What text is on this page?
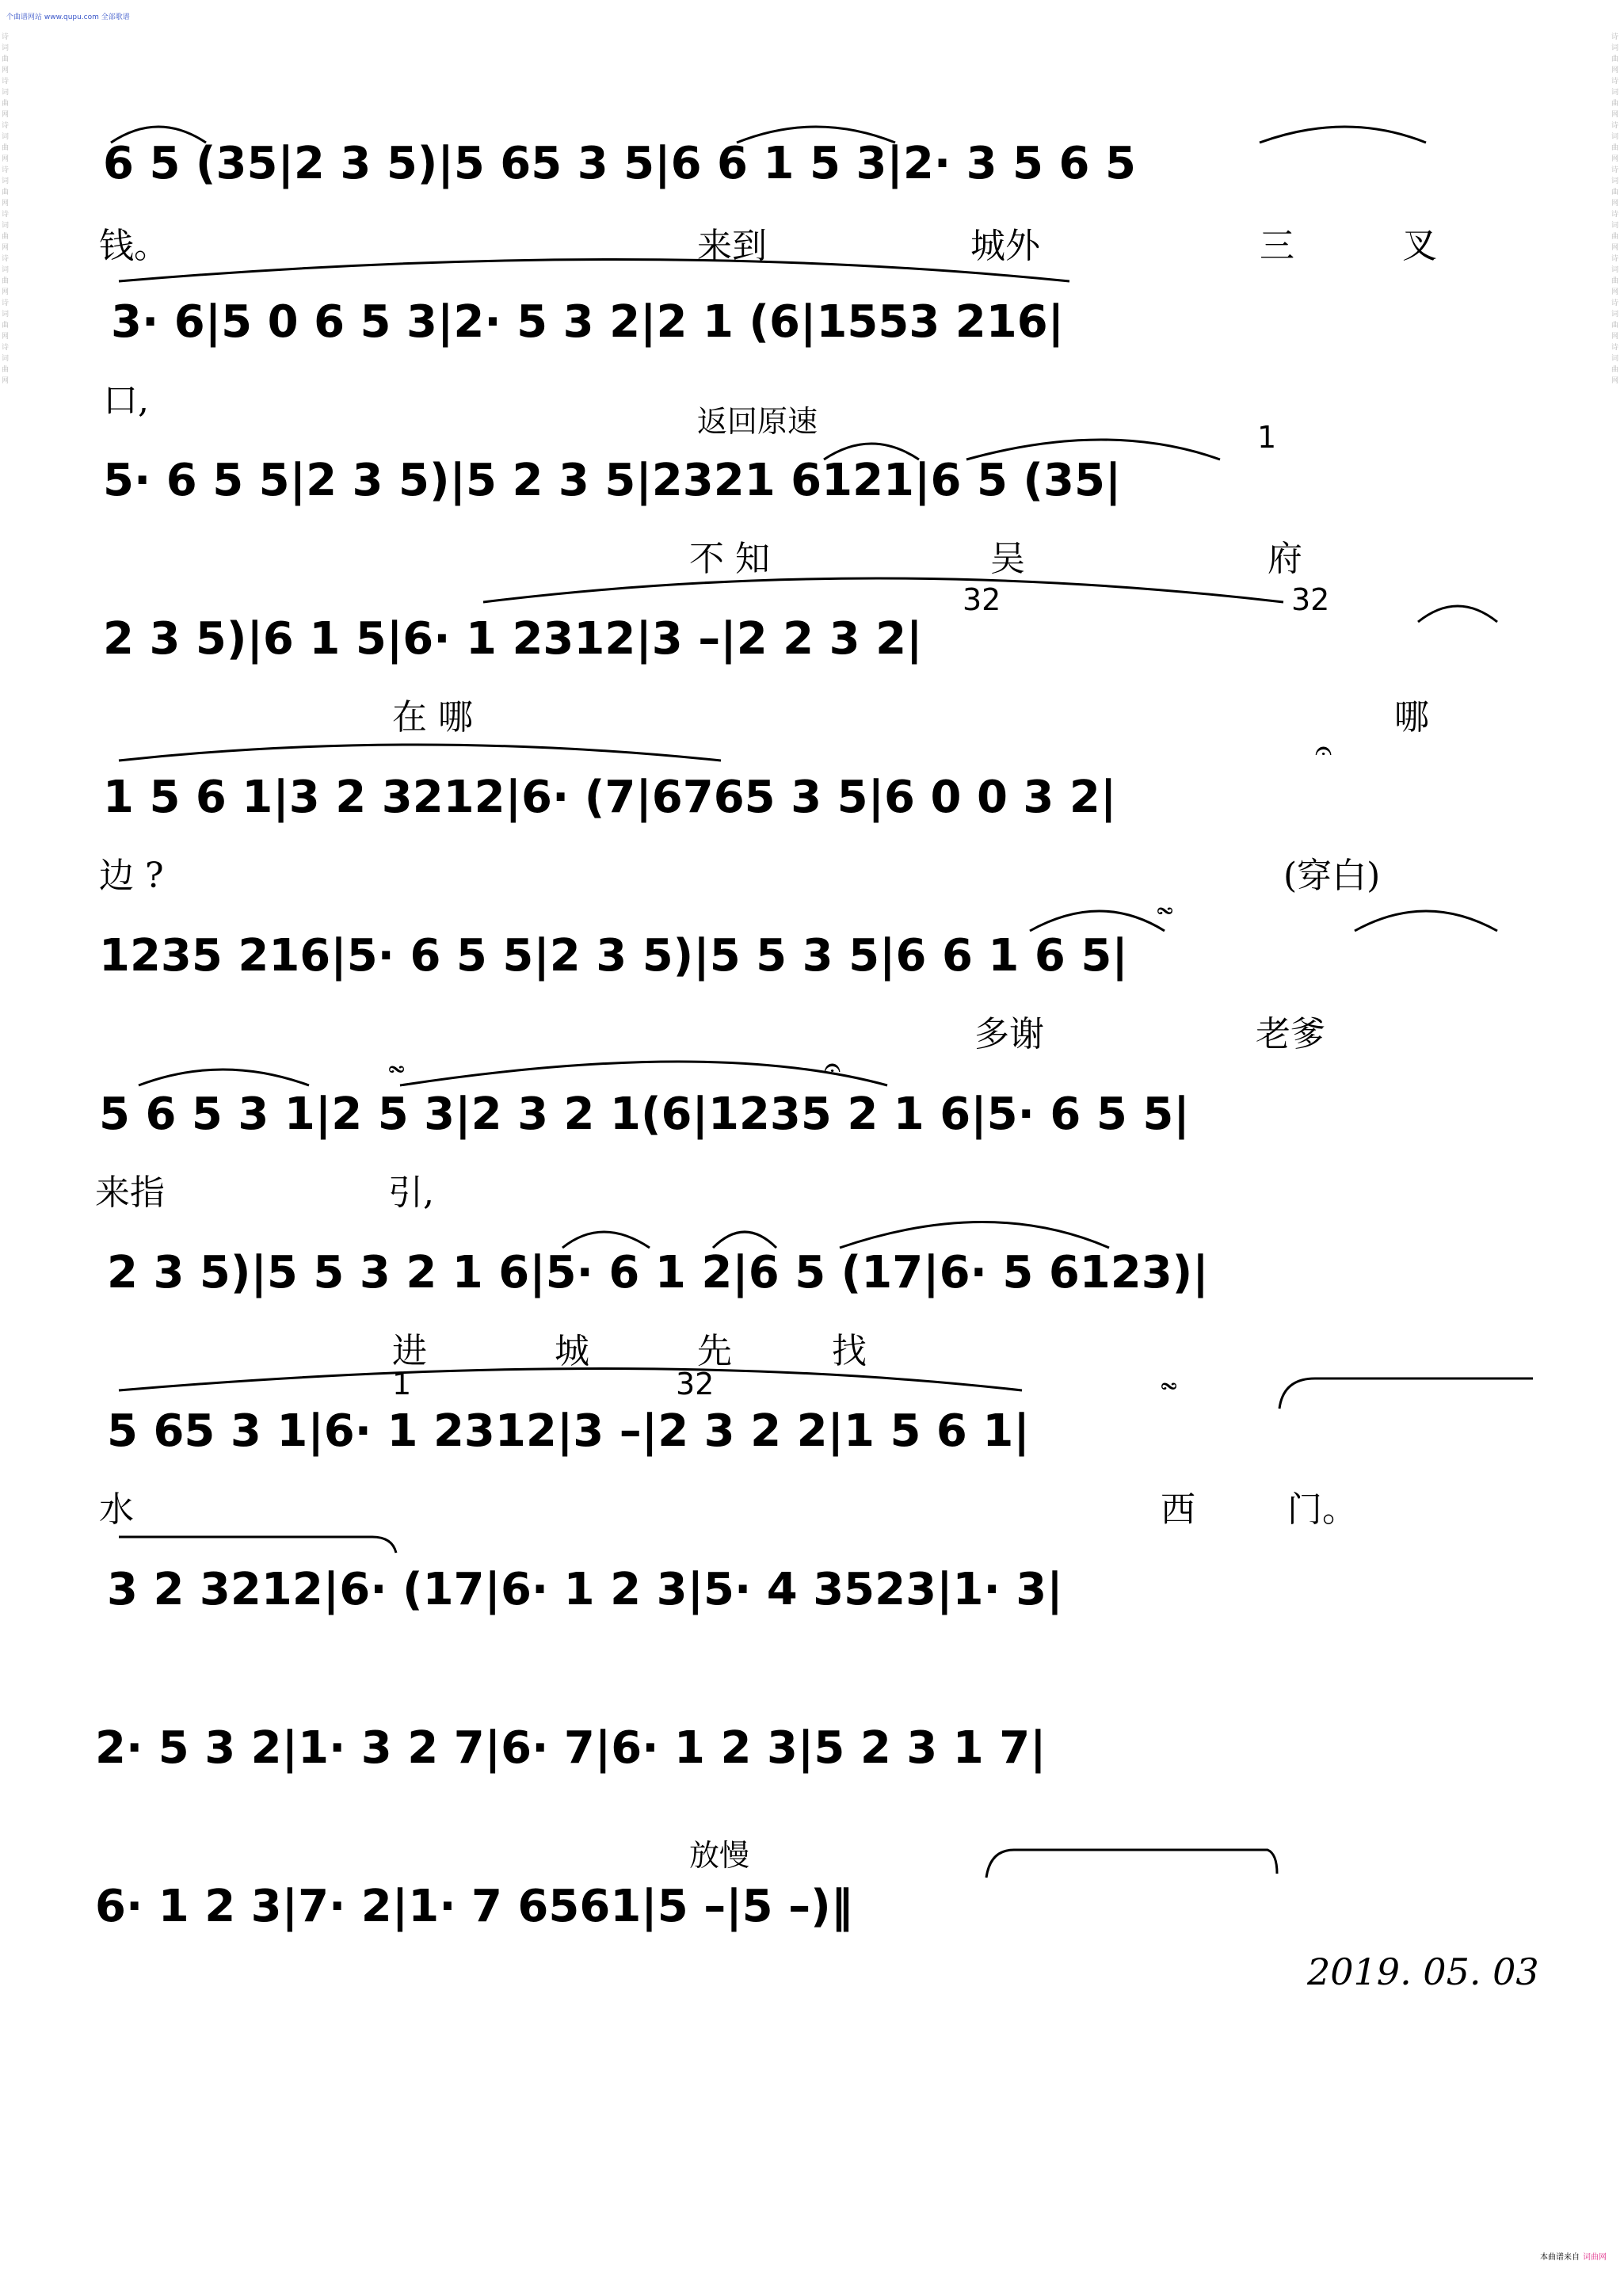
个曲谱网站 www.qupu.com 全部歌谱
诗词曲网诗词曲网诗词曲网诗词曲网诗词曲网诗词曲网诗词曲网诗词曲网
诗词曲网诗词曲网诗词曲网诗词曲网诗词曲网诗词曲网诗词曲网诗词曲网
6 5 (35|2 3 5)|5 65 3 5|6 6 1 5 3|2· 3 5 6 5
钱。	来到	城外	三	叉
3· 6|5 0 6 5 3|2· 5 3 2|2 1 (6|1553 216|
口,
返回原速
5· 6 5 5|2 3 5)|5 2 3 5|2321 6121|6 5 (35|
不 知	吴	府
1
2 3 5)|6 1 5|6· 1 2312|3 –|2 2 3 2|
在 哪	哪
32	32
1 5 6 1|3 2 3212|6· (7|6765 3 5|6 0 0 3 2|
边 ?	(穿白)
𝄐
1235 216|5· 6 5 5|2 3 5)|5 5 3 5|6 6 1 6 5|
多谢	老爹
𝆗
5 6 5 3 1|2 5 3|2 3 2 1(6|1235 2 1 6|5· 6 5 5|
来指	引,
𝆗	𝄐
2 3 5)|5 5 3 2 1 6|5· 6 1 2|6 5 (17|6· 5 6123)|
进	城	先	找
5 65 3 1|6· 1 2312|3 –|2 3 2 2|1 5 6 1|
水	西	门。
1	32	𝆗
3 2 3212|6· (17|6· 1 2 3|5· 4 3523|1· 3|
2· 5 3 2|1· 3 2 7|6· 7|6· 1 2 3|5 2 3 1 7|
放慢
6· 1 2 3|7· 2|1· 7 6561|5 –|5 –)‖
2019. 05. 03
本曲谱来自 词曲网
